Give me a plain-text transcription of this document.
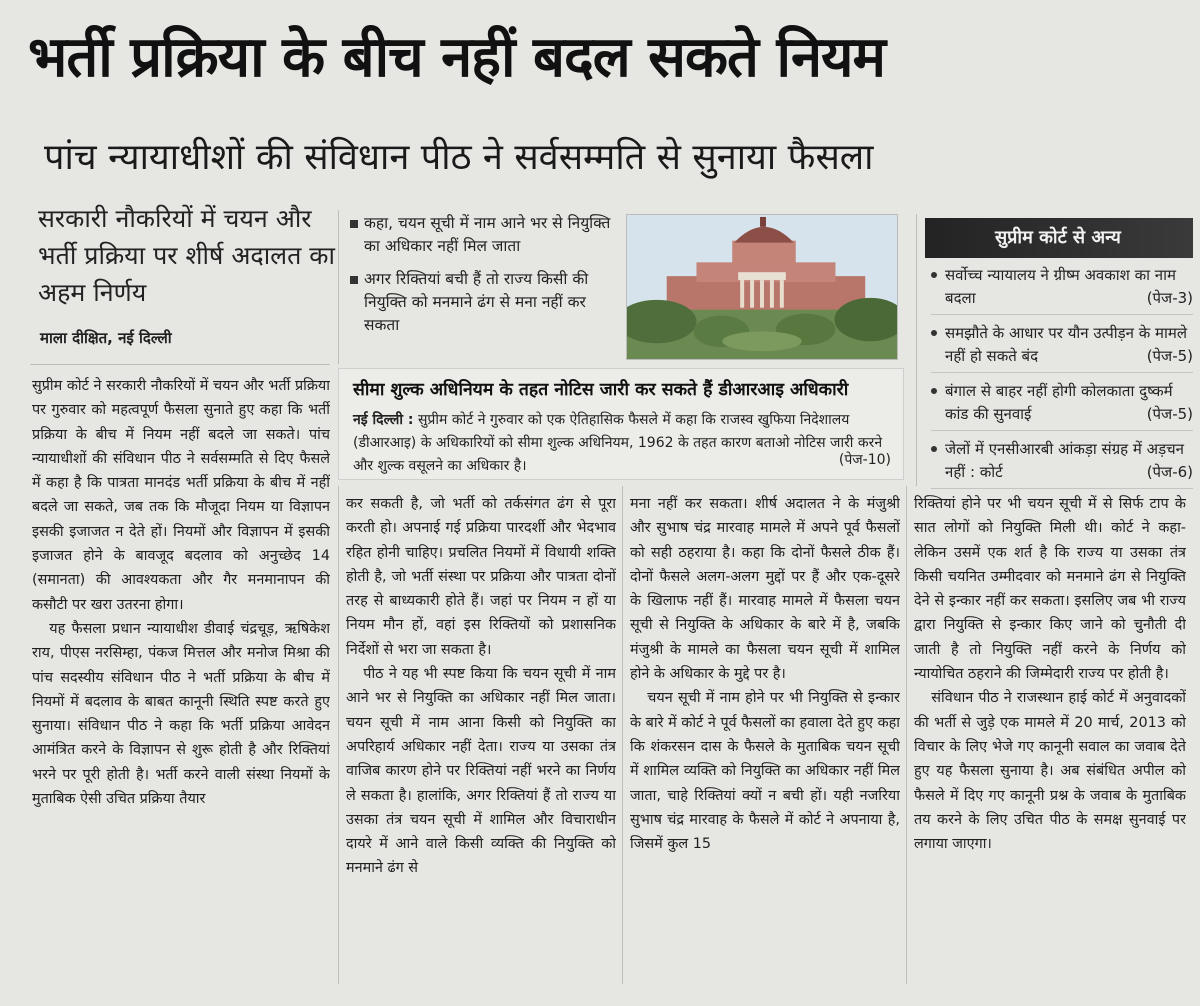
भर्ती प्रक्रिया के बीच नहीं बदल सकते नियम
पांच न्यायाधीशों की संविधान पीठ ने सर्वसम्मति से सुनाया फैसला
सरकारी नौकरियों में चयन और भर्ती प्रक्रिया पर शीर्ष अदालत का अहम निर्णय
माला दीक्षित, नई दिल्ली
कहा, चयन सूची में नाम आने भर से नियुक्ति का अधिकार नहीं मिल जाता
अगर रिक्तियां बची हैं तो राज्य किसी की नियुक्ति को मनमाने ढंग से मना नहीं कर सकता
सीमा शुल्क अधिनियम के तहत नोटिस जारी कर सकते हैं डीआरआइ अधिकारी
नई दिल्ली : सुप्रीम कोर्ट ने गुरुवार को एक ऐतिहासिक फैसले में कहा कि राजस्व खुफिया निदेशालय (डीआरआइ) के अधिकारियों को सीमा शुल्क अधिनियम, 1962 के तहत कारण बताओ नोटिस जारी करने और शुल्क वसूलने का अधिकार है।	(पेज-10)
सुप्रीम कोर्ट से अन्य
सर्वोच्च न्यायालय ने ग्रीष्म अवकाश का नाम बदला	(पेज-3)
समझौते के आधार पर यौन उत्पीड़न के मामले नहीं हो सकते बंद	(पेज-5)
बंगाल से बाहर नहीं होगी कोलकाता दुष्कर्म कांड की सुनवाई	(पेज-5)
जेलों में एनसीआरबी आंकड़ा संग्रह में अड़चन नहीं : कोर्ट	(पेज-6)

सुप्रीम कोर्ट ने सरकारी नौकरियों में चयन और भर्ती प्रक्रिया पर गुरुवार को महत्वपूर्ण फैसला सुनाते हुए कहा कि भर्ती प्रक्रिया के बीच में नियम नहीं बदले जा सकते। पांच न्यायाधीशों की संविधान पीठ ने सर्वसम्मति से दिए फैसले में कहा है कि पात्रता मानदंड भर्ती प्रक्रिया के बीच में नहीं बदले जा सकते, जब तक कि मौजूदा नियम या विज्ञापन इसकी इजाजत न देते हों। नियमों और विज्ञापन में इसकी इजाजत होने के बावजूद बदलाव को अनुच्छेद 14 (समानता) की आवश्यकता और गैर मनमानापन की कसौटी पर खरा उतरना होगा।

यह फैसला प्रधान न्यायाधीश डीवाई चंद्रचूड़, ऋषिकेश राय, पीएस नरसिम्हा, पंकज मित्तल और मनोज मिश्रा की पांच सदस्यीय संविधान पीठ ने भर्ती प्रक्रिया के बीच में नियमों में बदलाव के बाबत कानूनी स्थिति स्पष्ट करते हुए सुनाया। संविधान पीठ ने कहा कि भर्ती प्रक्रिया आवेदन आमंत्रित करने के विज्ञापन से शुरू होती है और रिक्तियां भरने पर पूरी होती है। भर्ती करने वाली संस्था नियमों के मुताबिक ऐसी उचित प्रक्रिया तैयार

कर सकती है, जो भर्ती को तर्कसंगत ढंग से पूरा करती हो। अपनाई गई प्रक्रिया पारदर्शी और भेदभाव रहित होनी चाहिए। प्रचलित नियमों में विधायी शक्ति होती है, जो भर्ती संस्था पर प्रक्रिया और पात्रता दोनों तरह से बाध्यकारी होते हैं। जहां पर नियम न हों या नियम मौन हों, वहां इस रिक्तियों को प्रशासनिक निर्देशों से भरा जा सकता है।

पीठ ने यह भी स्पष्ट किया कि चयन सूची में नाम आने भर से नियुक्ति का अधिकार नहीं मिल जाता। चयन सूची में नाम आना किसी को नियुक्ति का अपरिहार्य अधिकार नहीं देता। राज्य या उसका तंत्र वाजिब कारण होने पर रिक्तियां नहीं भरने का निर्णय ले सकता है। हालांकि, अगर रिक्तियां हैं तो राज्य या उसका तंत्र चयन सूची में शामिल और विचाराधीन दायरे में आने वाले किसी व्यक्ति की नियुक्ति को मनमाने ढंग से

मना नहीं कर सकता। शीर्ष अदालत ने के मंजुश्री और सुभाष चंद्र मारवाह मामले में अपने पूर्व फैसलों को सही ठहराया है। कहा कि दोनों फैसले ठीक हैं। दोनों फैसले अलग-अलग मुद्दों पर हैं और एक-दूसरे के खिलाफ नहीं हैं। मारवाह मामले में फैसला चयन सूची से नियुक्ति के अधिकार के बारे में है, जबकि मंजुश्री के मामले का फैसला चयन सूची में शामिल होने के अधिकार के मुद्दे पर है।

चयन सूची में नाम होने पर भी नियुक्ति से इन्कार के बारे में कोर्ट ने पूर्व फैसलों का हवाला देते हुए कहा कि शंकरसन दास के फैसले के मुताबिक चयन सूची में शामिल व्यक्ति को नियुक्ति का अधिकार नहीं मिल जाता, चाहे रिक्तियां क्यों न बची हों। यही नजरिया सुभाष चंद्र मारवाह के फैसले में कोर्ट ने अपनाया है, जिसमें कुल 15

रिक्तियां होने पर भी चयन सूची में से सिर्फ टाप के सात लोगों को नियुक्ति मिली थी। कोर्ट ने कहा-लेकिन उसमें एक शर्त है कि राज्य या उसका तंत्र किसी चयनित उम्मीदवार को मनमाने ढंग से नियुक्ति देने से इन्कार नहीं कर सकता। इसलिए जब भी राज्य द्वारा नियुक्ति से इन्कार किए जाने को चुनौती दी जाती है तो नियुक्ति नहीं करने के निर्णय को न्यायोचित ठहराने की जिम्मेदारी राज्य पर होती है।

संविधान पीठ ने राजस्थान हाई कोर्ट में अनुवादकों की भर्ती से जुड़े एक मामले में 20 मार्च, 2013 को विचार के लिए भेजे गए कानूनी सवाल का जवाब देते हुए यह फैसला सुनाया है। अब संबंधित अपील को फैसले में दिए गए कानूनी प्रश्न के जवाब के मुताबिक तय करने के लिए उचित पीठ के समक्ष सुनवाई पर लगाया जाएगा।
